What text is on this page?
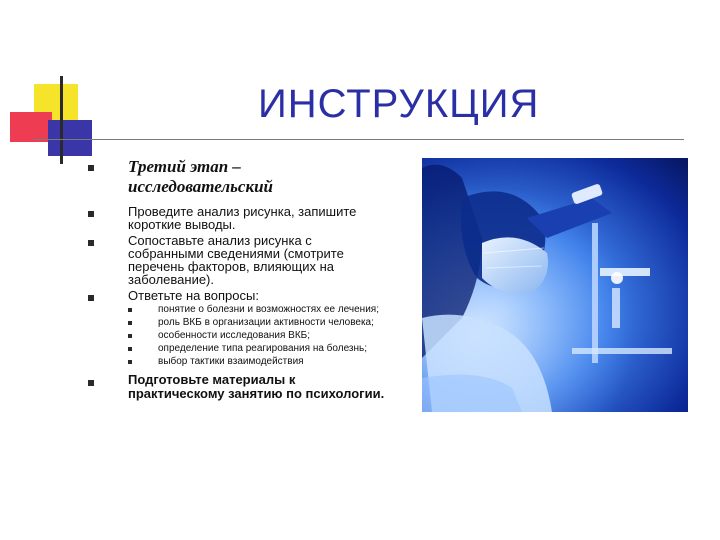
ИНСТРУКЦИЯ
Третий этап – исследовательский
Проведите анализ рисунка, запишите короткие выводы.
Сопоставьте анализ рисунка с собранными сведениями (смотрите перечень факторов, влияющих на заболевание).
Ответьте на вопросы:
понятие о болезни и возможностях ее лечения;
роль ВКБ в организации активности человека;
особенности исследования ВКБ;
определение типа реагирования на болезнь;
выбор тактики взаимодействия
Подготовьте материалы к практическому занятию по психологии.
